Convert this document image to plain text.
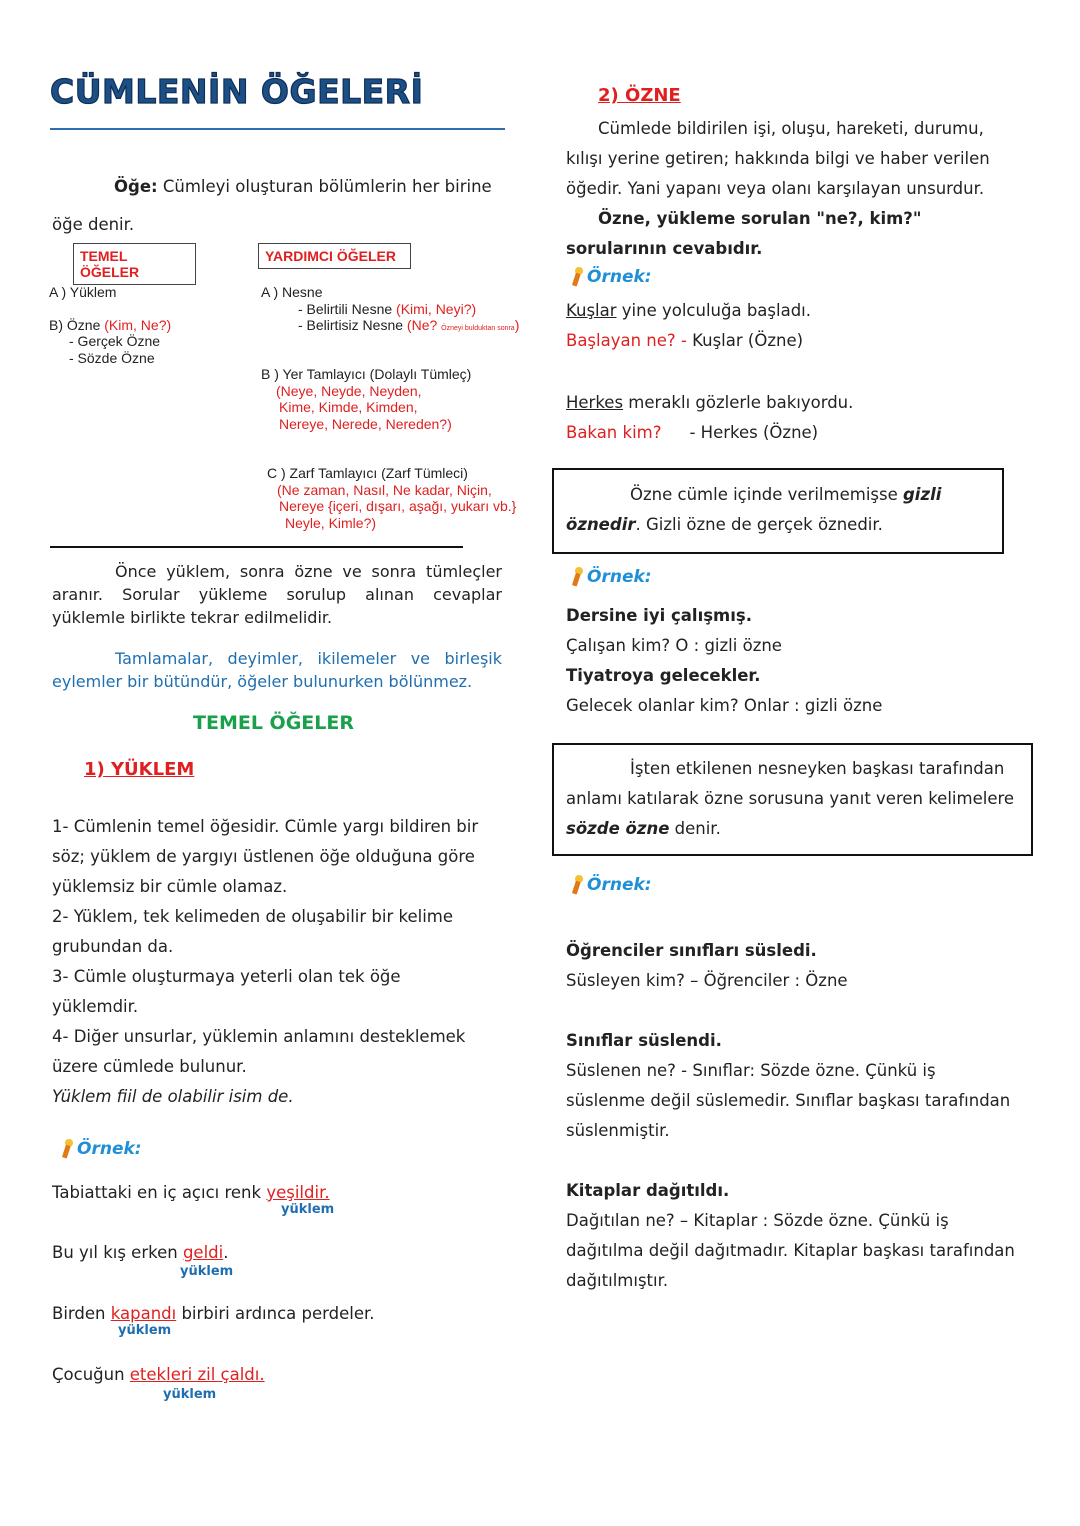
CÜMLENİN ÖĞELERİ
Öğe: Cümleyi oluşturan bölümlerin her birine
öğe denir.
TEMEL ÖĞELER
YARDIMCI ÖĞELER
A ) Yüklem
B) Özne (Kim, Ne?)
- Gerçek Özne
- Sözde Özne
A ) Nesne
- Belirtili Nesne (Kimi, Neyi?)
- Belirtisiz Nesne (Ne? Özneyi bulduktan sonra)
B ) Yer Tamlayıcı (Dolaylı Tümleç)
(Neye, Neyde, Neyden,
Kime, Kimde, Kimden,
Nereye, Nerede, Nereden?)
C ) Zarf Tamlayıcı (Zarf Tümleci)
(Ne zaman, Nasıl, Ne kadar, Niçin,
Nereye {içeri, dışarı, aşağı, yukarı vb.}
Neyle, Kimle?)
Önce yüklem, sonra özne ve sonra tümleçler aranır. Sorular yükleme sorulup alınan cevaplar yüklemle birlikte tekrar edilmelidir.
Tamlamalar, deyimler, ikilemeler ve birleşik eylemler bir bütündür, öğeler bulunurken bölünmez.
TEMEL ÖĞELER
1) YÜKLEM
1- Cümlenin temel öğesidir. Cümle yargı bildiren bir
söz; yüklem de yargıyı üstlenen öğe olduğuna göre
yüklemsiz bir cümle olamaz.
2- Yüklem, tek kelimeden de oluşabilir bir kelime
grubundan da.
3- Cümle oluşturmaya yeterli olan tek öğe
yüklemdir.
4- Diğer unsurlar, yüklemin anlamını desteklemek
üzere cümlede bulunur.
Yüklem fiil de olabilir isim de.
Örnek:
Tabiattaki en iç açıcı renk yeşildir.
yüklem
Bu yıl kış erken geldi.
yüklem
Birden kapandı birbiri ardınca perdeler.
yüklem
Çocuğun etekleri zil çaldı.
yüklem
2) ÖZNE
Cümlede bildirilen işi, oluşu, hareketi, durumu,
kılışı yerine getiren; hakkında bilgi ve haber verilen
öğedir. Yani yapanı veya olanı karşılayan unsurdur.
Özne, yükleme sorulan "ne?, kim?"
sorularının cevabıdır.
Örnek:
Kuşlar yine yolculuğa başladı.
Başlayan ne? - Kuşlar (Özne)
Herkes meraklı gözlerle bakıyordu.
Bakan kim? - Herkes (Özne)
Özne cümle içinde verilmemişse gizli
öznedir. Gizli özne de gerçek öznedir.
Örnek:
Dersine iyi çalışmış.
Çalışan kim? O : gizli özne
Tiyatroya gelecekler.
Gelecek olanlar kim? Onlar : gizli özne
İşten etkilenen nesneyken başkası tarafından
anlamı katılarak özne sorusuna yanıt veren kelimelere
sözde özne denir.
Örnek:
Öğrenciler sınıfları süsledi.
Süsleyen kim? – Öğrenciler : Özne
Sınıflar süslendi.
Süslenen ne? - Sınıflar: Sözde özne. Çünkü iş
süslenme değil süslemedir. Sınıflar başkası tarafından
süslenmiştir.
Kitaplar dağıtıldı.
Dağıtılan ne? – Kitaplar : Sözde özne. Çünkü iş
dağıtılma değil dağıtmadır. Kitaplar başkası tarafından
dağıtılmıştır.
